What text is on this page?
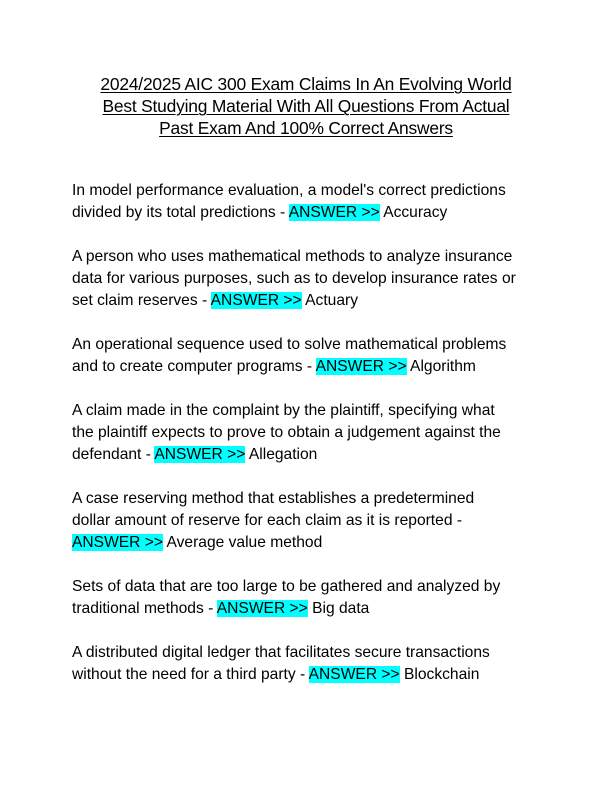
2024/2025 AIC 300 Exam Claims In An Evolving World
Best Studying Material With All Questions From Actual
Past Exam And 100% Correct Answers
In model performance evaluation, a model's correct predictions
divided by its total predictions - ANSWER >> Accuracy
A person who uses mathematical methods to analyze insurance
data for various purposes, such as to develop insurance rates or
set claim reserves - ANSWER >> Actuary
An operational sequence used to solve mathematical problems
and to create computer programs - ANSWER >> Algorithm
A claim made in the complaint by the plaintiff, specifying what
the plaintiff expects to prove to obtain a judgement against the
defendant - ANSWER >> Allegation
A case reserving method that establishes a predetermined
dollar amount of reserve for each claim as it is reported -
ANSWER >> Average value method
Sets of data that are too large to be gathered and analyzed by
traditional methods - ANSWER >> Big data
A distributed digital ledger that facilitates secure transactions
without the need for a third party - ANSWER >> Blockchain
